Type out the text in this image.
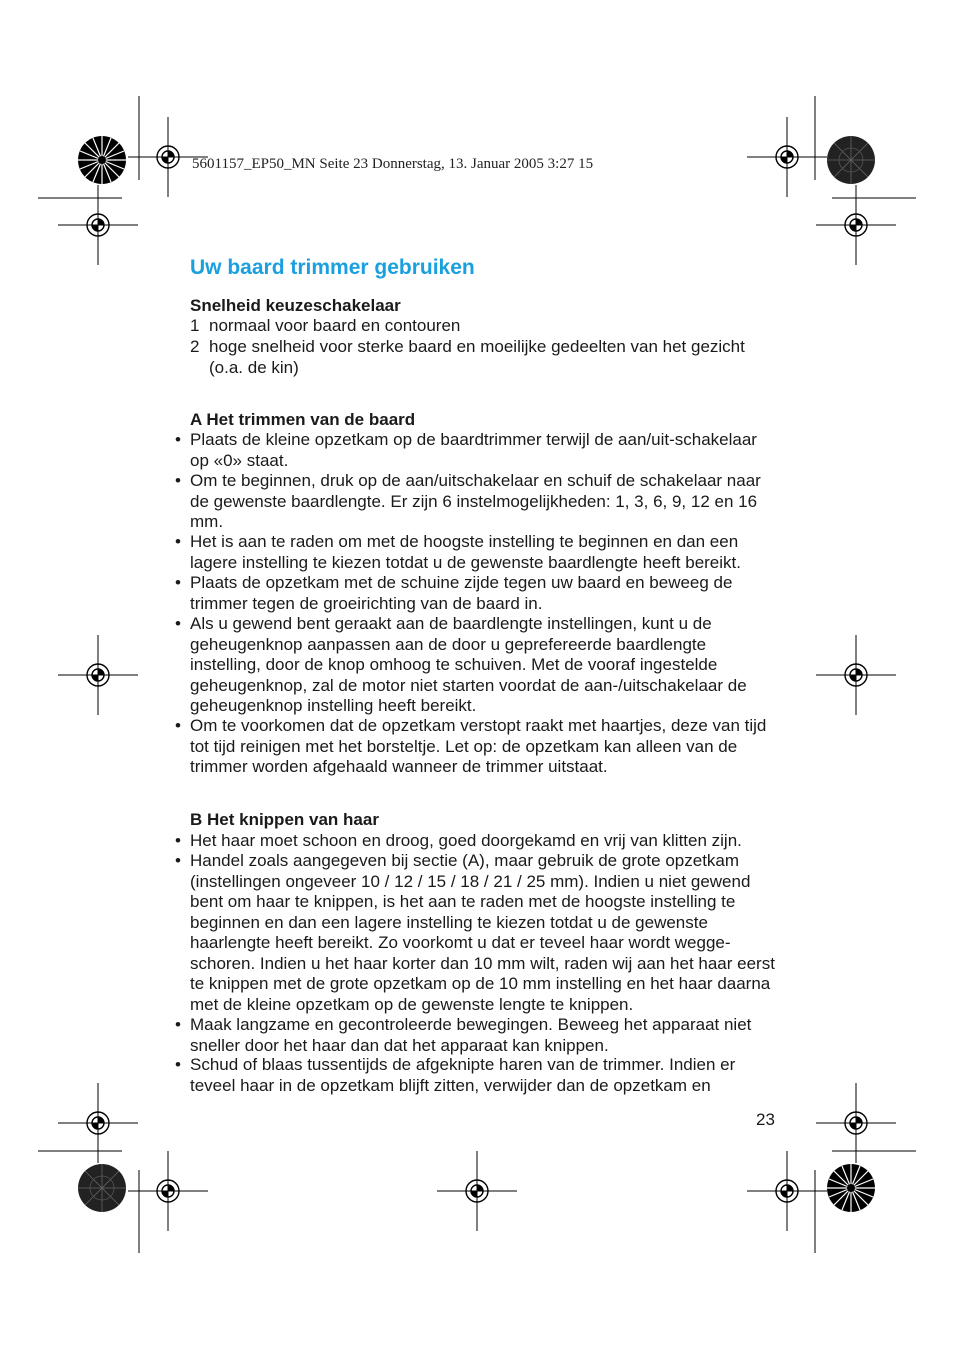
5601157_EP50_MN Seite 23 Donnerstag, 13. Januar 2005 3:27 15
Uw baard trimmer gebruiken
Snelheid keuzeschakelaar
1 normaal voor baard en contouren
2 hoge snelheid voor sterke baard en moeilijke gedeelten van het gezicht (o.a. de kin)
A Het trimmen van de baard
• Plaats de kleine opzetkam op de baardtrimmer terwijl de aan/uit-schakelaar op «0» staat.
• Om te beginnen, druk op de aan/uitschakelaar en schuif de schakelaar naar de gewenste baardlengte. Er zijn 6 instelmogelijkheden: 1, 3, 6, 9, 12 en 16 mm.
• Het is aan te raden om met de hoogste instelling te beginnen en dan een lagere instelling te kiezen totdat u de gewenste baardlengte heeft bereikt.
• Plaats de opzetkam met de schuine zijde tegen uw baard en beweeg de trimmer tegen de groeirichting van de baard in.
• Als u gewend bent geraakt aan de baardlengte instellingen, kunt u de geheugenknop aanpassen aan de door u geprefereerde baardlengte instelling, door de knop omhoog te schuiven. Met de vooraf ingestelde geheugenknop, zal de motor niet starten voordat de aan-/uitschakelaar de geheugenknop instelling heeft bereikt.
• Om te voorkomen dat de opzetkam verstopt raakt met haartjes, deze van tijd tot tijd reinigen met het borsteltje. Let op: de opzetkam kan alleen van de trimmer worden afgehaald wanneer de trimmer uitstaat.
B Het knippen van haar
• Het haar moet schoon en droog, goed doorgekamd en vrij van klitten zijn.
• Handel zoals aangegeven bij sectie (A), maar gebruik de grote opzetkam (instellingen ongeveer 10 / 12 / 15 / 18 / 21 / 25 mm). Indien u niet gewend bent om haar te knippen, is het aan te raden met de hoogste instelling te beginnen en dan een lagere instelling te kiezen totdat u de gewenste haarlengte heeft bereikt. Zo voorkomt u dat er teveel haar wordt wegge-schoren. Indien u het haar korter dan 10 mm wilt, raden wij aan het haar eerst te knippen met de grote opzetkam op de 10 mm instelling en het haar daarna met de kleine opzetkam op de gewenste lengte te knippen.
• Maak langzame en gecontroleerde bewegingen. Beweeg het apparaat niet sneller door het haar dan dat het apparaat kan knippen.
• Schud of blaas tussentijds de afgeknipte haren van de trimmer. Indien er teveel haar in de opzetkam blijft zitten, verwijder dan de opzetkam en
23
